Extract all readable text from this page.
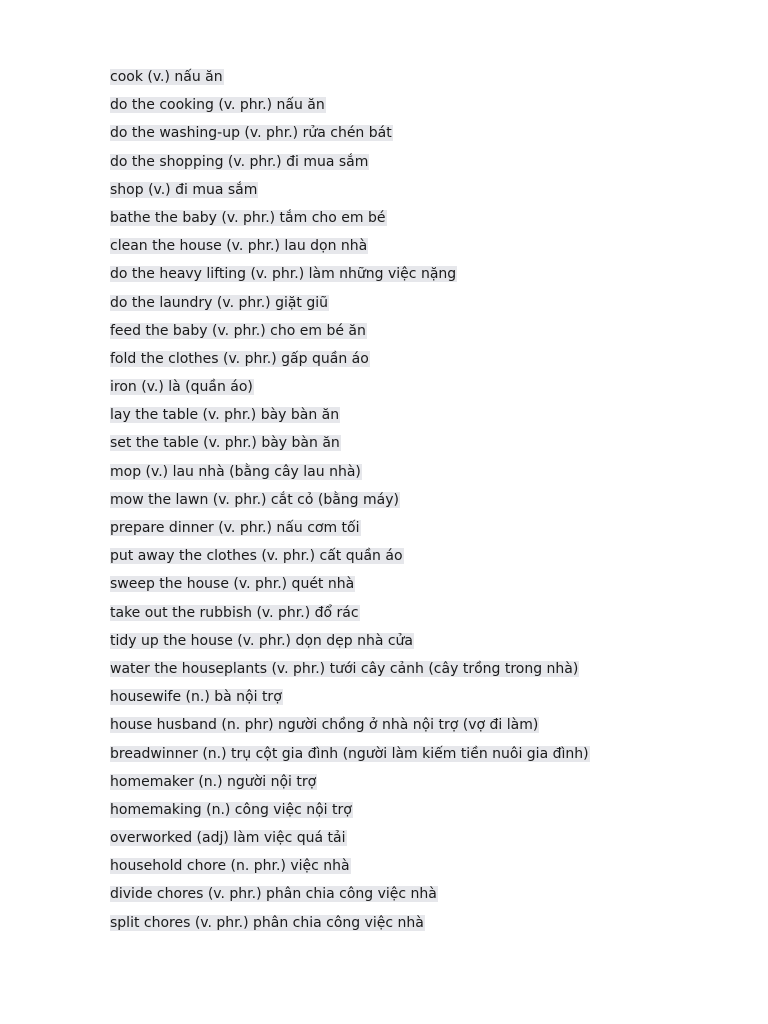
cook (v.) nấu ăn
do the cooking (v. phr.) nấu ăn
do the washing-up (v. phr.) rửa chén bát
do the shopping (v. phr.) đi mua sắm
shop (v.) đi mua sắm
bathe the baby (v. phr.) tắm cho em bé
clean the house (v. phr.) lau dọn nhà
do the heavy lifting (v. phr.) làm những việc nặng
do the laundry (v. phr.) giặt giũ
feed the baby (v. phr.) cho em bé ăn
fold the clothes (v. phr.) gấp quần áo
iron (v.) là (quần áo)
lay the table (v. phr.) bày bàn ăn
set the table (v. phr.) bày bàn ăn
mop (v.) lau nhà (bằng cây lau nhà)
mow the lawn (v. phr.) cắt cỏ (bằng máy)
prepare dinner (v. phr.) nấu cơm tối
put away the clothes (v. phr.) cất quần áo
sweep the house (v. phr.) quét nhà
take out the rubbish (v. phr.) đổ rác
tidy up the house (v. phr.) dọn dẹp nhà cửa
water the houseplants (v. phr.) tưới cây cảnh (cây trồng trong nhà)
housewife (n.) bà nội trợ
house husband (n. phr) người chồng ở nhà nội trợ (vợ đi làm)
breadwinner (n.) trụ cột gia đình (người làm kiếm tiền nuôi gia đình)
homemaker (n.) người nội trợ
homemaking (n.) công việc nội trợ
overworked (adj) làm việc quá tải
household chore (n. phr.) việc nhà
divide chores (v. phr.) phân chia công việc nhà
split chores (v. phr.) phân chia công việc nhà
